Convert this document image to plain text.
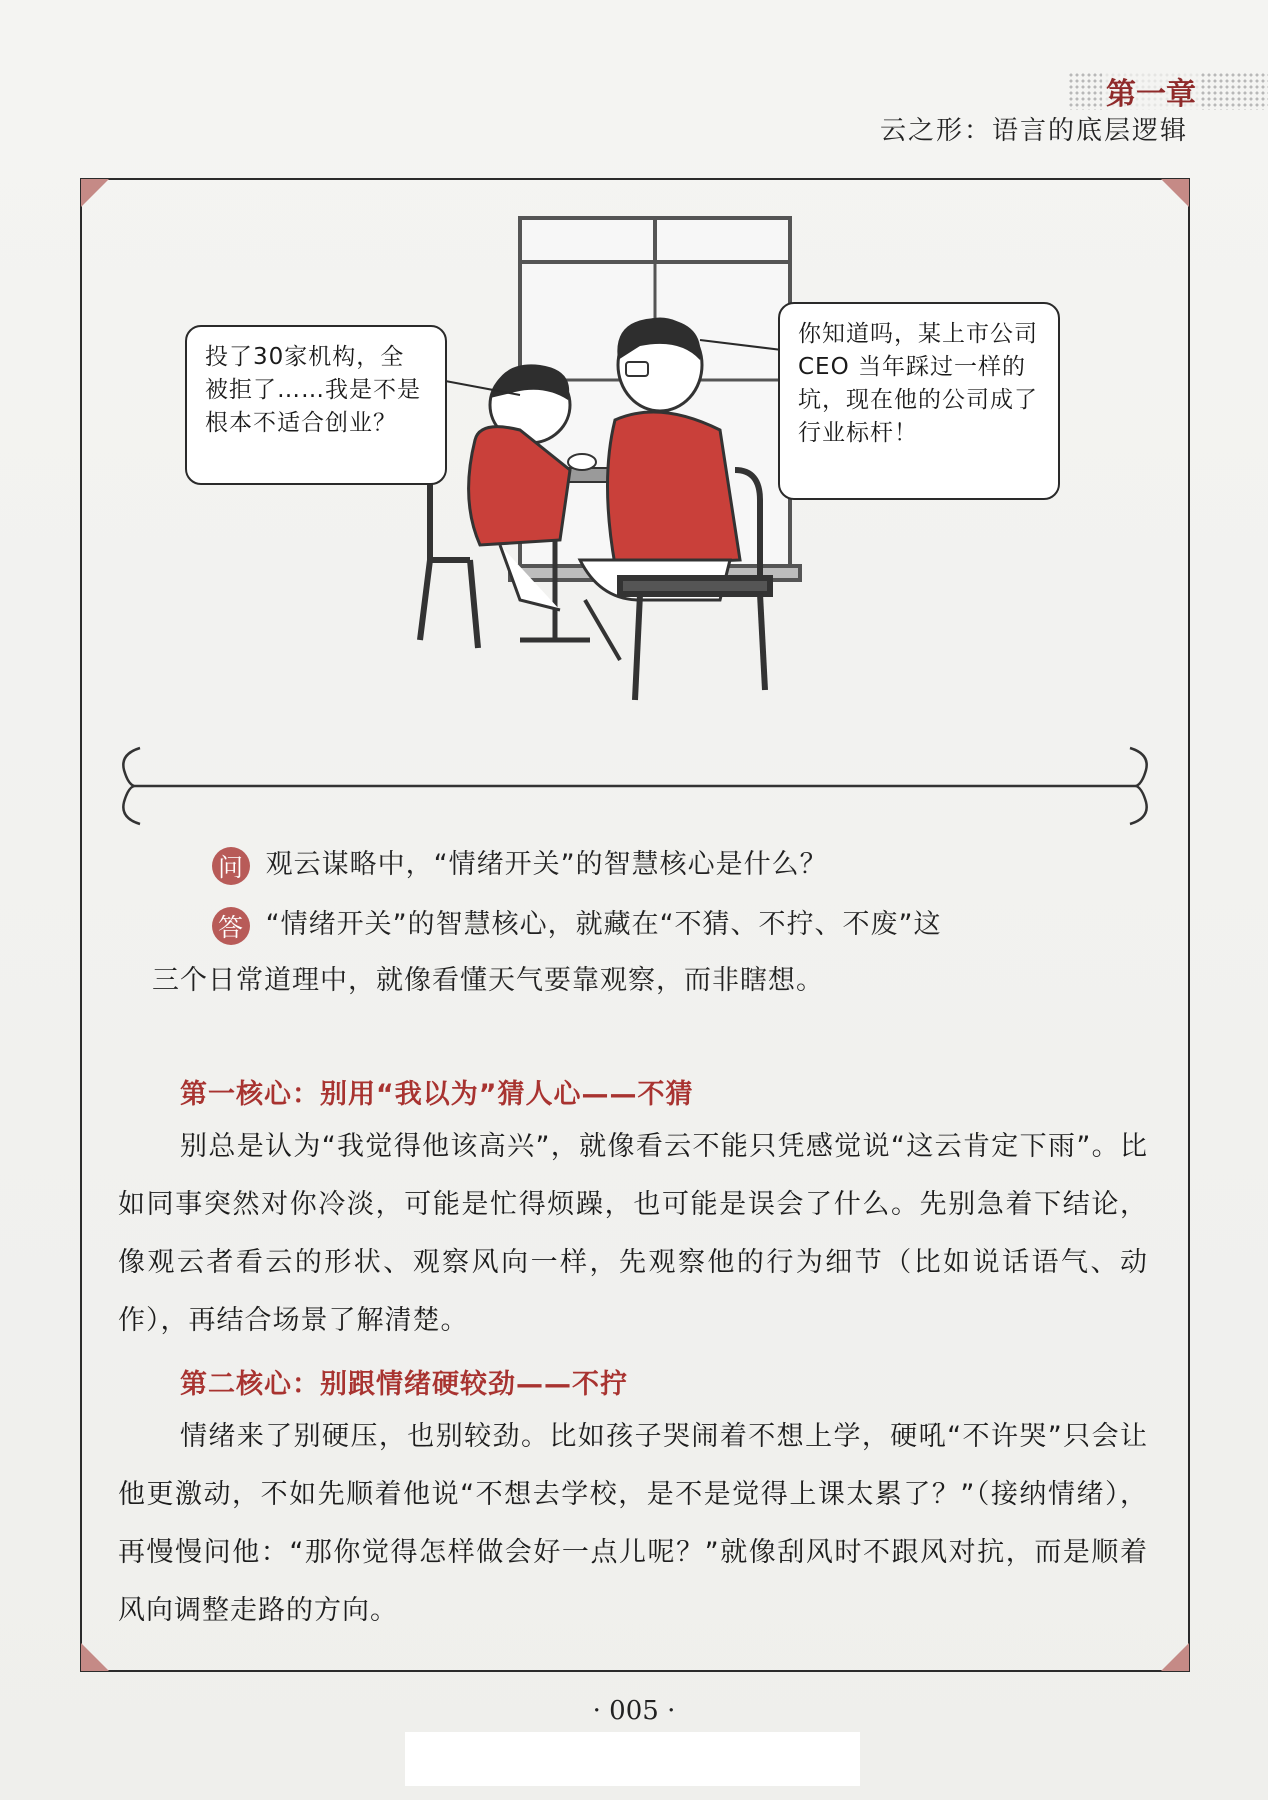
第一章
云之形：语言的底层逻辑
投了30家机构，全被拒了……我是不是根本不适合创业？
你知道吗，某上市公司 CEO 当年踩过一样的坑，现在他的公司成了行业标杆！
问 观云谋略中，“情绪开关”的智慧核心是什么？
答 “情绪开关”的智慧核心，就藏在“不猜、不拧、不废”这
三个日常道理中，就像看懂天气要靠观察，而非瞎想。
第一核心：别用“我以为”猜人心——不猜
别总是认为“我觉得他该高兴”，就像看云不能只凭感觉说“这云肯定下雨”。比如同事突然对你冷淡，可能是忙得烦躁，也可能是误会了什么。先别急着下结论，像观云者看云的形状、观察风向一样，先观察他的行为细节（比如说话语气、动作），再结合场景了解清楚。
第二核心：别跟情绪硬较劲——不拧
情绪来了别硬压，也别较劲。比如孩子哭闹着不想上学，硬吼“不许哭”只会让他更激动，不如先顺着他说“不想去学校，是不是觉得上课太累了？”（接纳情绪），再慢慢问他：“那你觉得怎样做会好一点儿呢？”就像刮风时不跟风对抗，而是顺着风向调整走路的方向。
· 005 ·
